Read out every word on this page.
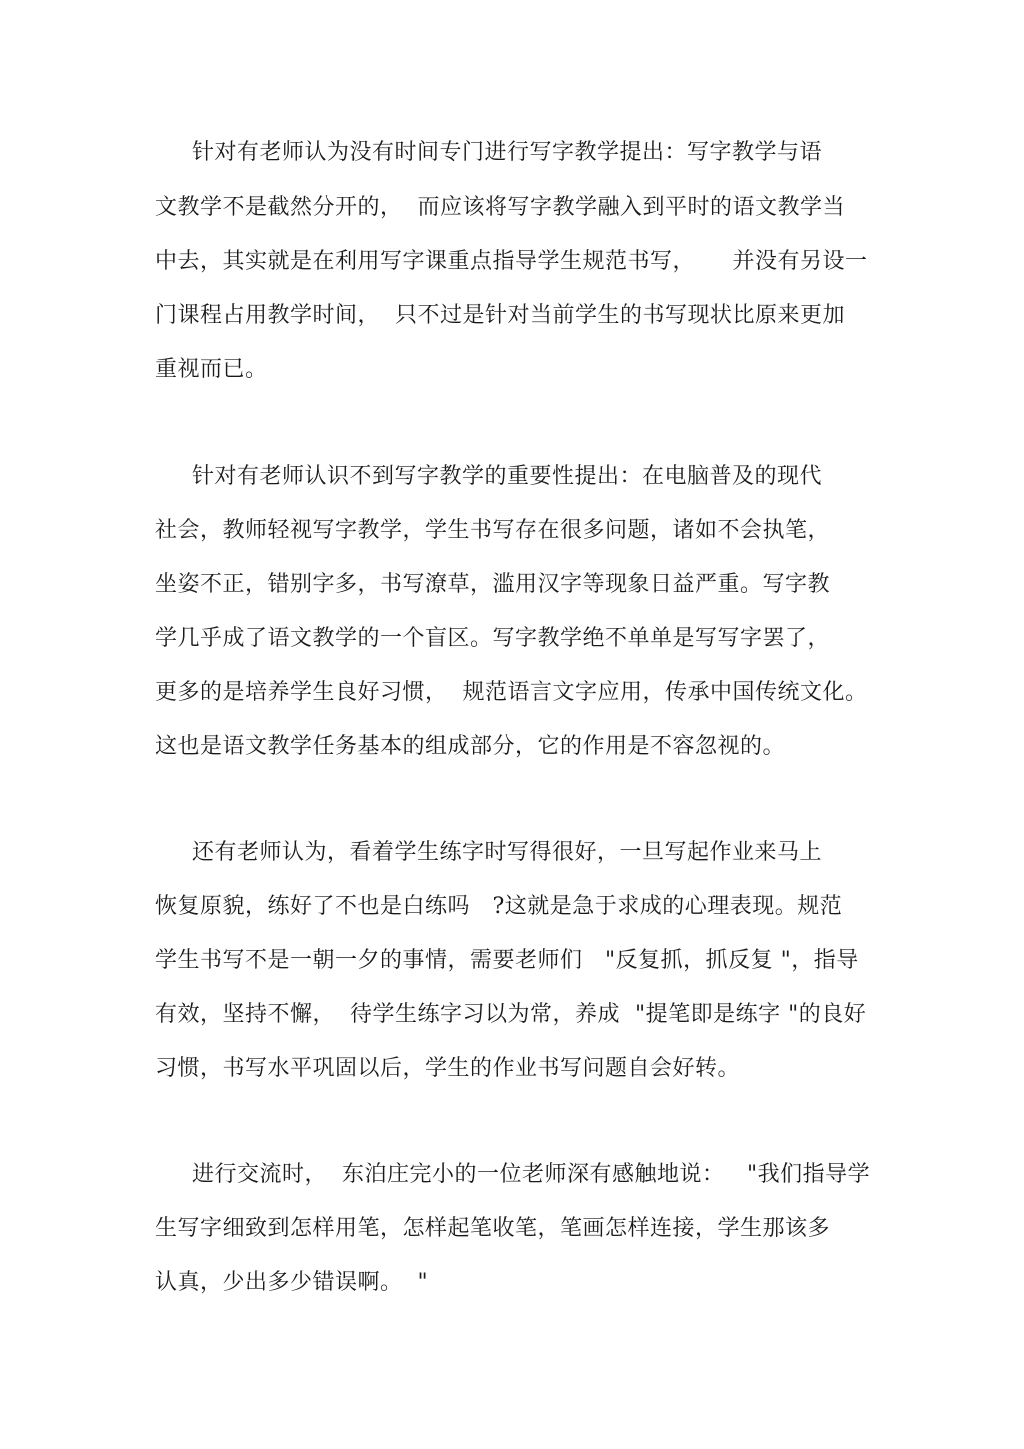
针对有老师认为没有时间专门进行写字教学提出：写字教学与语
文教学不是截然分开的，  而应该将写字教学融入到平时的语文教学当
中去，其实就是在利用写字课重点指导学生规范书写，     并没有另设一
门课程占用教学时间，  只不过是针对当前学生的书写现状比原来更加
重视而已。
针对有老师认识不到写字教学的重要性提出：在电脑普及的现代
社会，教师轻视写字教学，学生书写存在很多问题，诸如不会执笔，
坐姿不正，错别字多，书写潦草，滥用汉字等现象日益严重。写字教
学几乎成了语文教学的一个盲区。写字教学绝不单单是写写字罢了，
更多的是培养学生良好习惯，  规范语言文字应用，传承中国传统文化。
这也是语文教学任务基本的组成部分，它的作用是不容忽视的。
还有老师认为，看着学生练字时写得很好，一旦写起作业来马上
恢复原貌，练好了不也是白练吗   ?这就是急于求成的心理表现。规范
学生书写不是一朝一夕的事情，需要老师们   "反复抓，抓反复 "，指导
有效，坚持不懈，  待学生练字习以为常，养成  "提笔即是练字 "的良好
习惯，书写水平巩固以后，学生的作业书写问题自会好转。
进行交流时，  东泊庄完小的一位老师深有感触地说：   "我们指导学
生写字细致到怎样用笔，怎样起笔收笔，笔画怎样连接，学生那该多
认真，少出多少错误啊。  "
